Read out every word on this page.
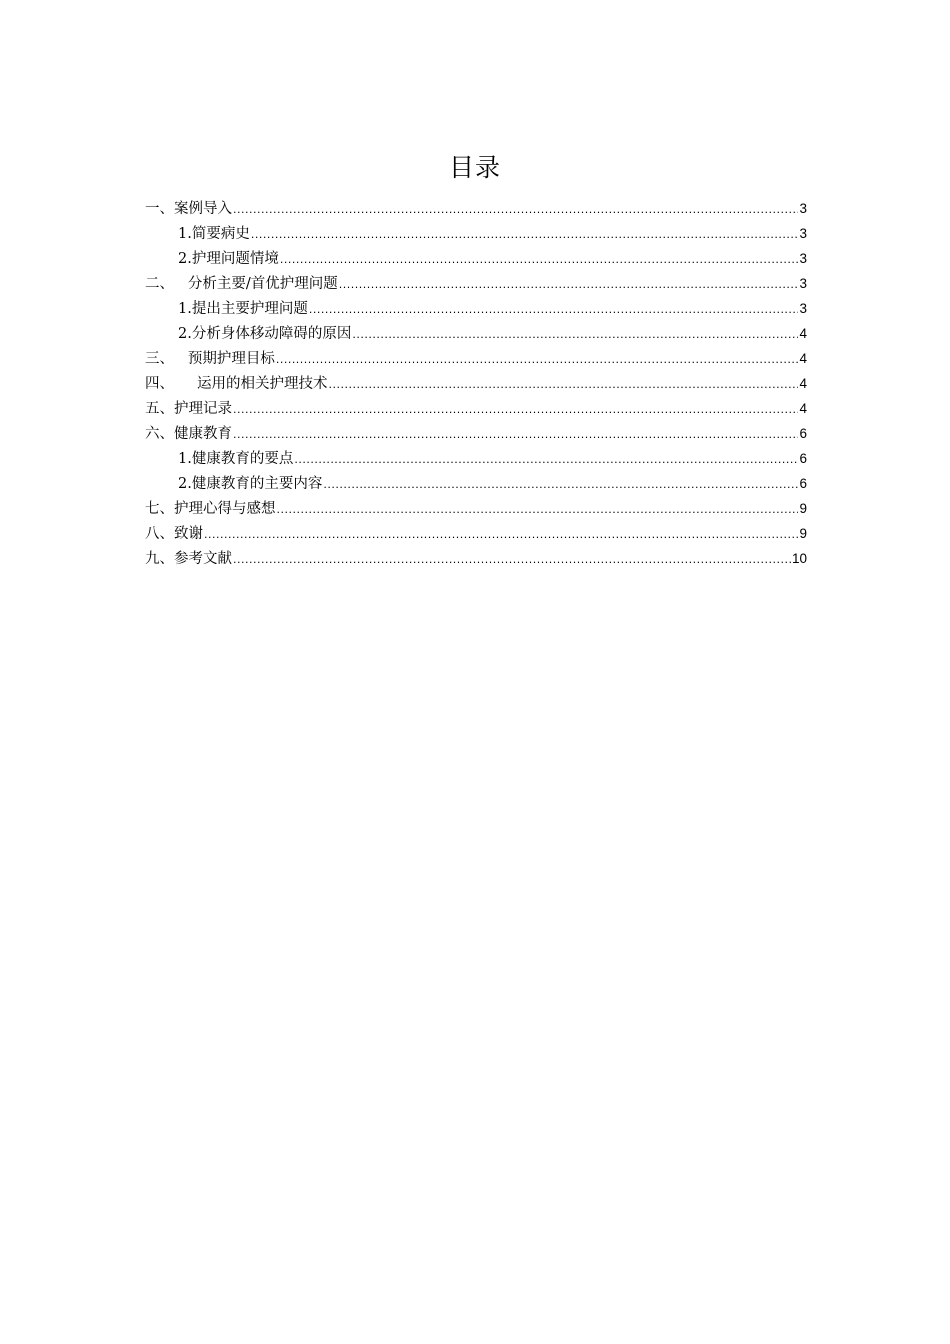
目录
一、案例导入 .....	3
1.简要病史 .....	3
2.护理问题情境 .....	3
二、   分析主要/首优护理问题 .....	3
1.提出主要护理问题 .....	3
2.分析身体移动障碍的原因 .....	4
三、   预期护理目标 .....	4
四、     运用的相关护理技术 .....	4
五、护理记录 .....	4
六、健康教育 .....	6
1.健康教育的要点 .....	6
2.健康教育的主要内容 .....	6
七、护理心得与感想 .....	9
八、致谢 .....	9
九、参考文献 .....	10
